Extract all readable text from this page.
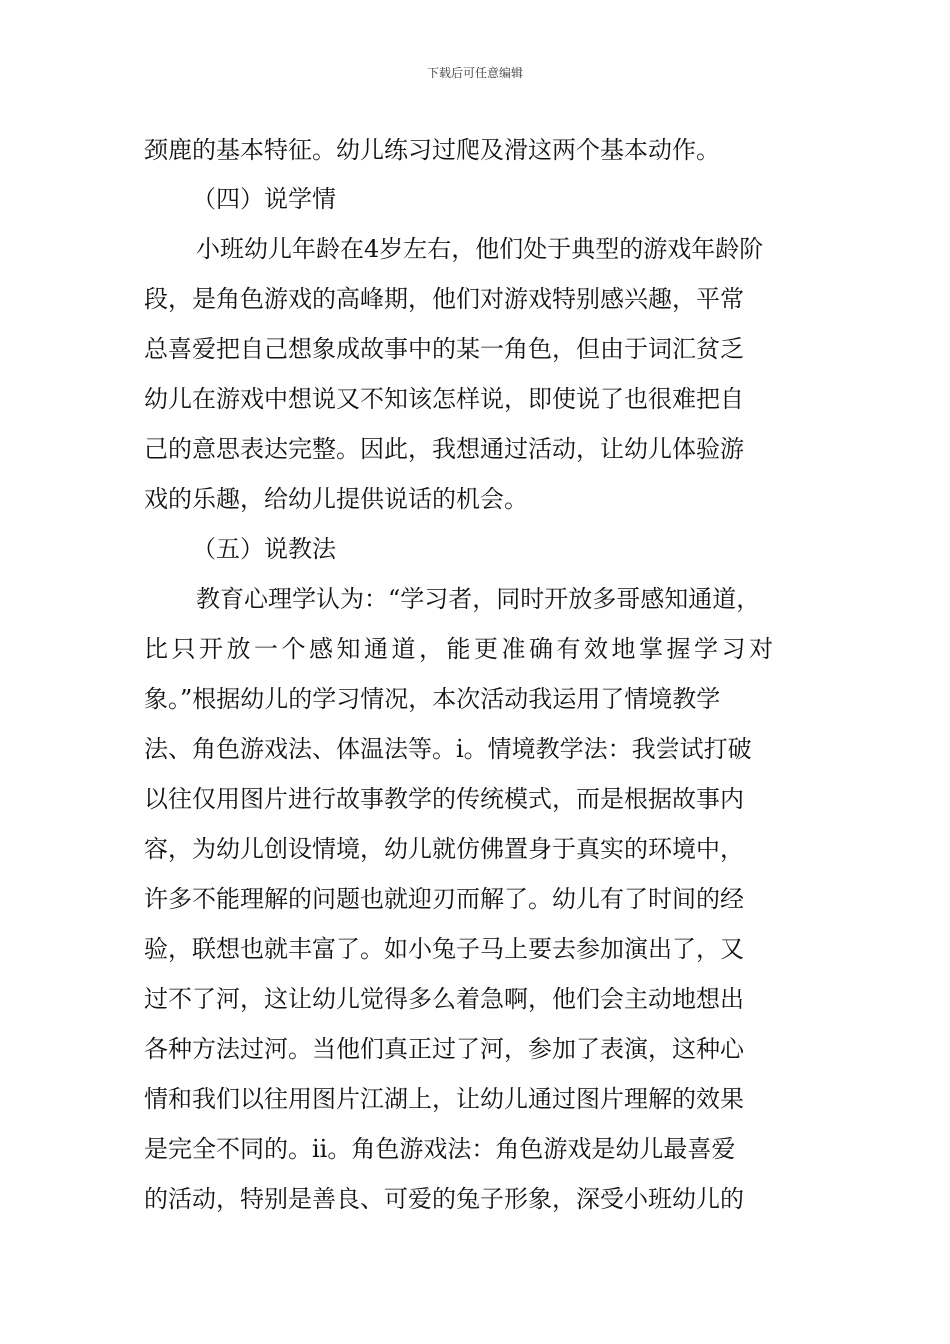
下载后可任意编辑
颈鹿的基本特征。幼儿练习过爬及滑这两个基本动作。
（四）说学情
小班幼儿年龄在4岁左右，他们处于典型的游戏年龄阶
段，是角色游戏的高峰期，他们对游戏特别感兴趣，平常
总喜爱把自己想象成故事中的某一角色，但由于词汇贫乏
幼儿在游戏中想说又不知该怎样说，即使说了也很难把自
己的意思表达完整。因此，我想通过活动，让幼儿体验游
戏的乐趣，给幼儿提供说话的机会。
（五）说教法
教育心理学认为：“学习者，同时开放多哥感知通道，
比只开放一个感知通道，能更准确有效地掌握学习对
象。”根据幼儿的学习情况，本次活动我运用了情境教学
法、角色游戏法、体温法等。i。情境教学法：我尝试打破
以往仅用图片进行故事教学的传统模式，而是根据故事内
容，为幼儿创设情境，幼儿就仿佛置身于真实的环境中，
许多不能理解的问题也就迎刃而解了。幼儿有了时间的经
验，联想也就丰富了。如小兔子马上要去参加演出了，又
过不了河，这让幼儿觉得多么着急啊，他们会主动地想出
各种方法过河。当他们真正过了河，参加了表演，这种心
情和我们以往用图片江湖上，让幼儿通过图片理解的效果
是完全不同的。ii。角色游戏法：角色游戏是幼儿最喜爱
的活动，特别是善良、可爱的兔子形象，深受小班幼儿的
